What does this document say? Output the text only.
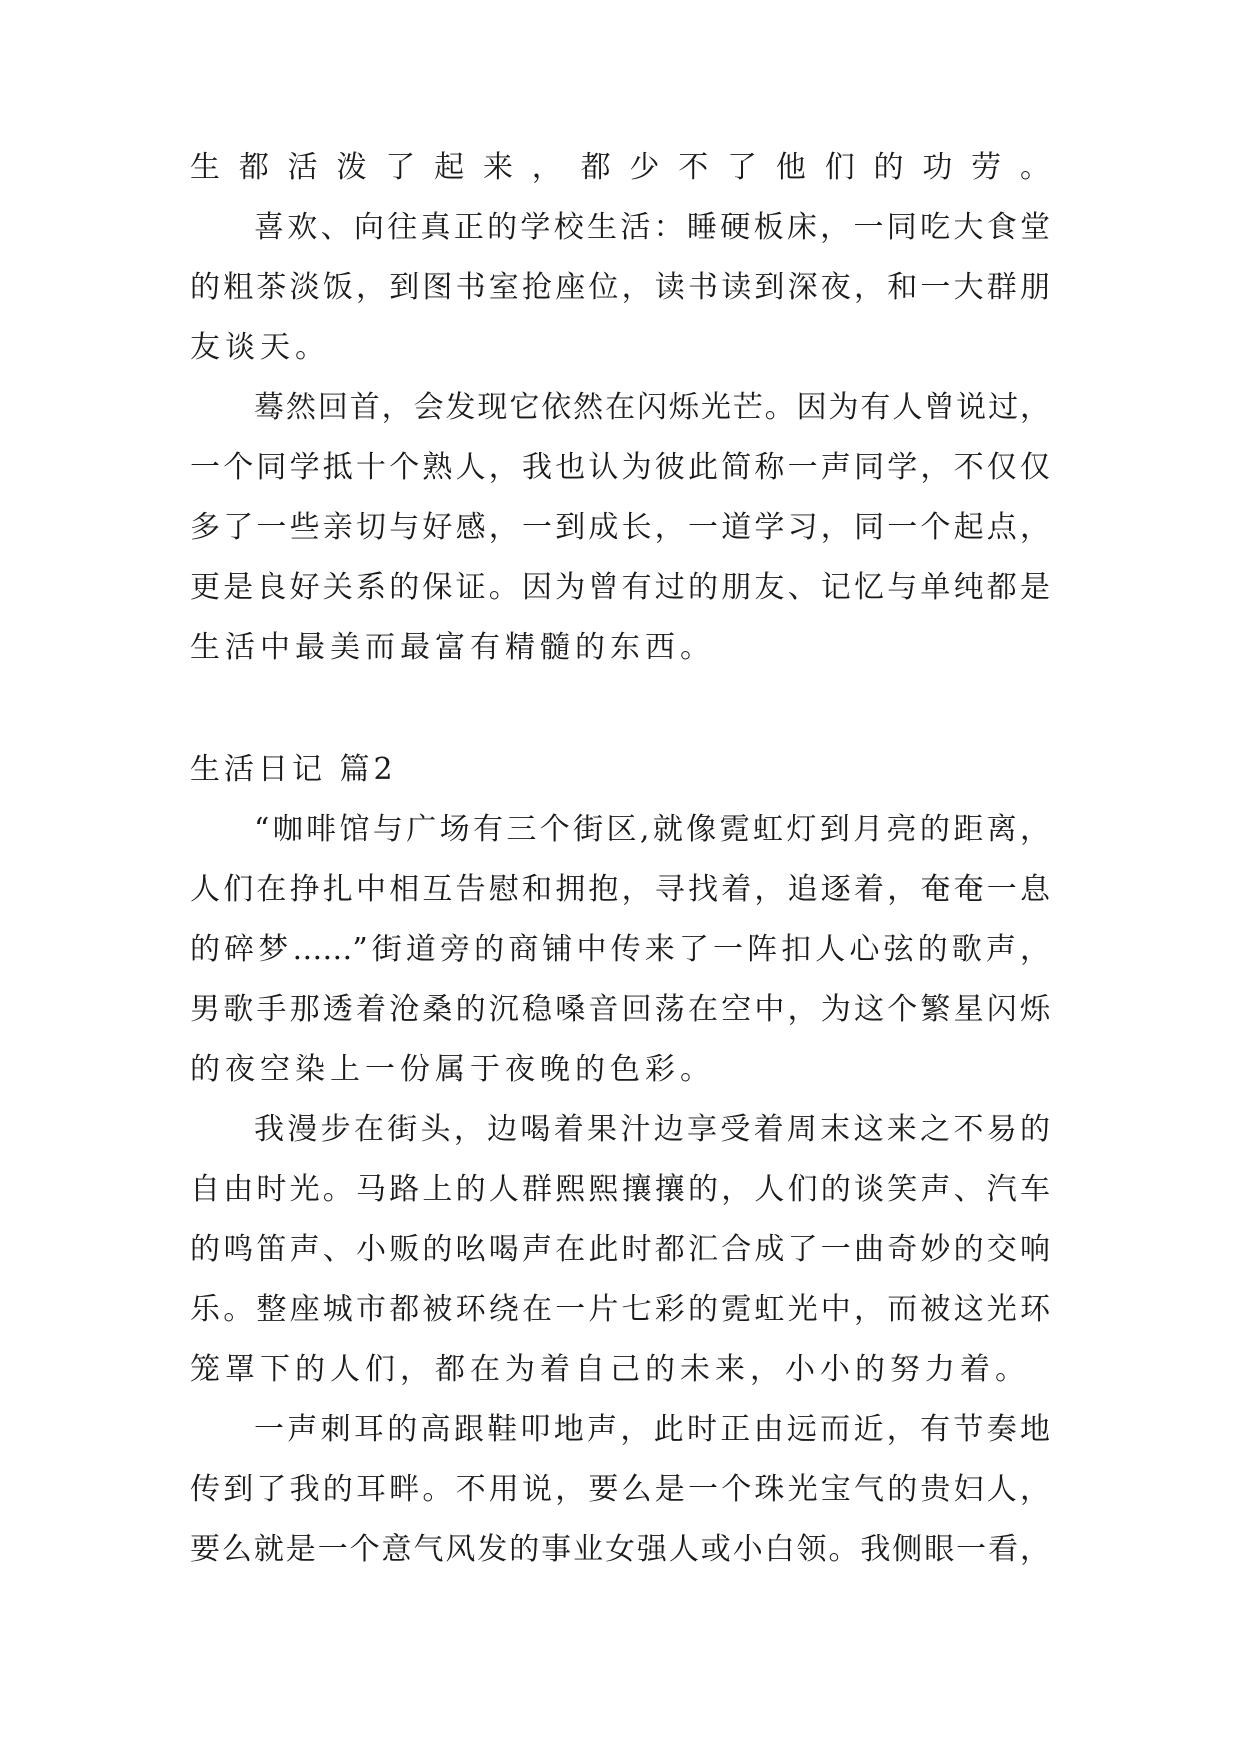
生都活泼了起来，都少不了他们的功劳。
喜欢、向往真正的学校生活：睡硬板床，一同吃大食堂
的粗茶淡饭，到图书室抢座位，读书读到深夜，和一大群朋
友谈天。
蓦然回首，会发现它依然在闪烁光芒。因为有人曾说过，
一个同学抵十个熟人，我也认为彼此简称一声同学，不仅仅
多了一些亲切与好感，一到成长，一道学习，同一个起点，
更是良好关系的保证。因为曾有过的朋友、记忆与单纯都是
生活中最美而最富有精髓的东西。
生活日记 篇2
“咖啡馆与广场有三个街区,就像霓虹灯到月亮的距离，
人们在挣扎中相互告慰和拥抱，寻找着，追逐着，奄奄一息
的碎梦……”街道旁的商铺中传来了一阵扣人心弦的歌声，
男歌手那透着沧桑的沉稳嗓音回荡在空中，为这个繁星闪烁
的夜空染上一份属于夜晚的色彩。
我漫步在街头，边喝着果汁边享受着周末这来之不易的
自由时光。马路上的人群熙熙攘攘的，人们的谈笑声、汽车
的鸣笛声、小贩的吆喝声在此时都汇合成了一曲奇妙的交响
乐。整座城市都被环绕在一片七彩的霓虹光中，而被这光环
笼罩下的人们，都在为着自己的未来，小小的努力着。
一声刺耳的高跟鞋叩地声，此时正由远而近，有节奏地
传到了我的耳畔。不用说，要么是一个珠光宝气的贵妇人，
要么就是一个意气风发的事业女强人或小白领。我侧眼一看，
